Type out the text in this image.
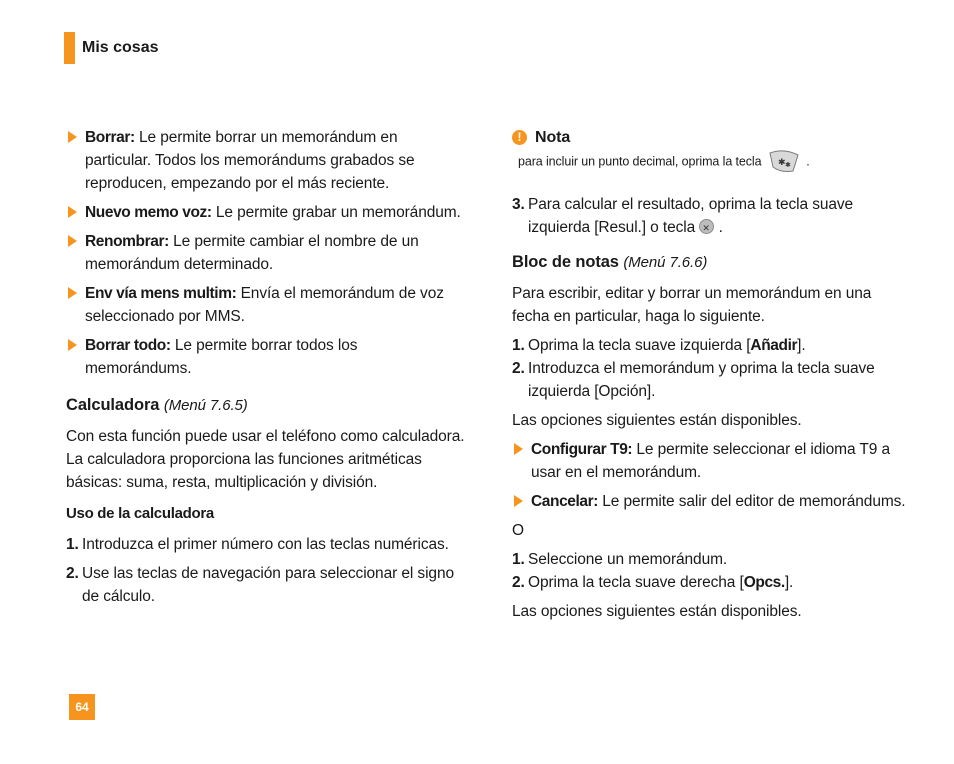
Mis cosas
Borrar: Le permite borrar un memorándum en particular. Todos los memorándums grabados se reproducen, empezando por el más reciente.
Nuevo memo voz: Le permite grabar un memorándum.
Renombrar: Le permite cambiar el nombre de un memorándum determinado.
Env vía mens multim: Envía el memorándum de voz seleccionado por MMS.
Borrar todo: Le permite borrar todos los memorándums.
Calculadora (Menú 7.6.5)
Con esta función puede usar el teléfono como calculadora. La calculadora proporciona las funciones aritméticas básicas: suma, resta, multiplicación y división.
Uso de la calculadora
1. Introduzca el primer número con las teclas numéricas.
2. Use las teclas de navegación para seleccionar el signo de cálculo.
! Nota
para incluir un punto decimal, oprima la tecla ✱ ✱ .
3. Para calcular el resultado, oprima la tecla suave izquierda [Resul.] o tecla ✕ .
Bloc de notas (Menú 7.6.6)
Para escribir, editar y borrar un memorándum en una fecha en particular, haga lo siguiente.
1. Oprima la tecla suave izquierda [Añadir].
2. Introduzca el memorándum y oprima la tecla suave izquierda [Opción].
Las opciones siguientes están disponibles.
Configurar T9: Le permite seleccionar el idioma T9 a usar en el memorándum.
Cancelar: Le permite salir del editor de memorándums.
O
1. Seleccione un memorándum.
2. Oprima la tecla suave derecha [Opcs.].
Las opciones siguientes están disponibles.
64
